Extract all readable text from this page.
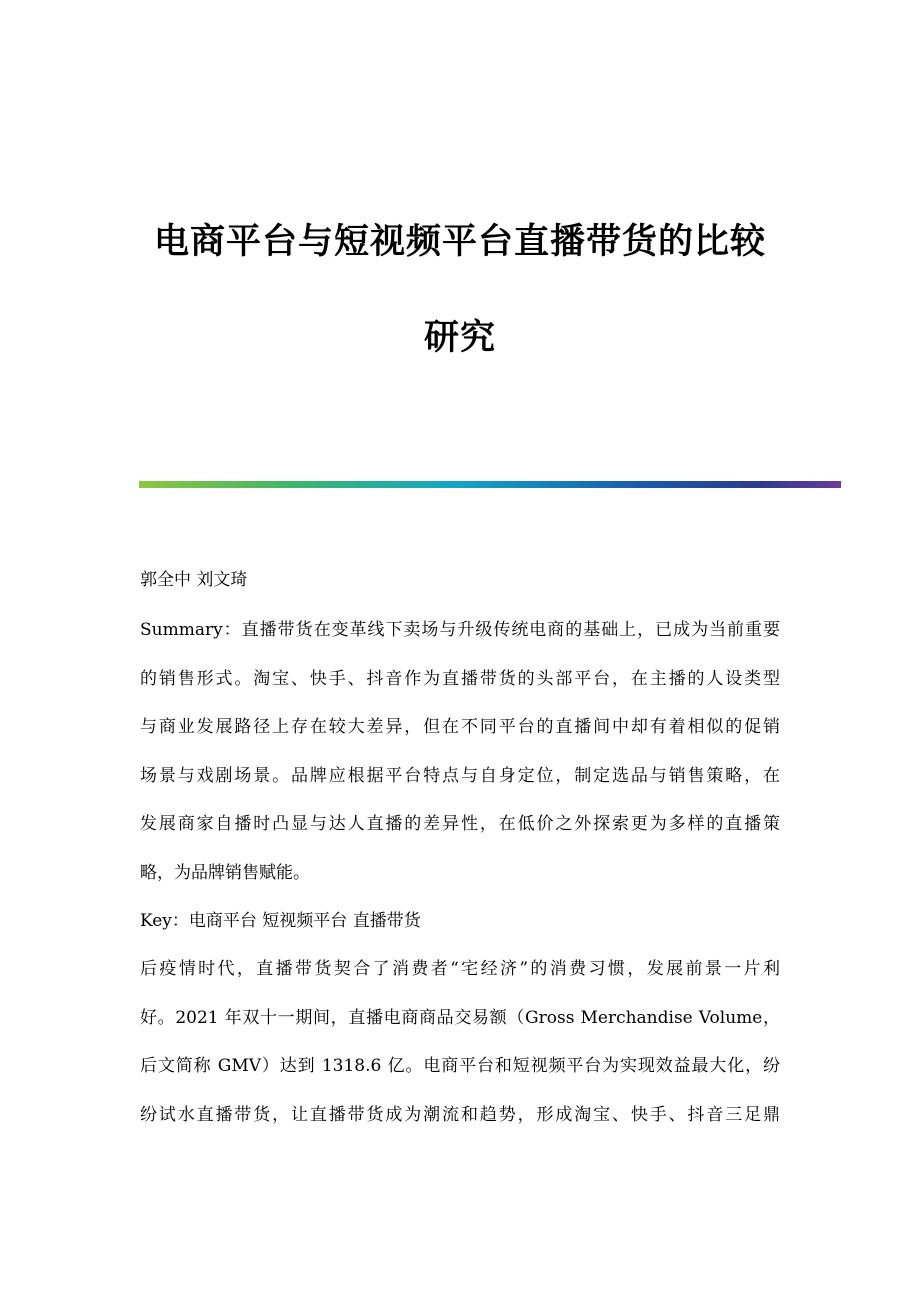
电商平台与短视频平台直播带货的比较
研究
郭全中 刘文琦
Summary：直播带货在变革线下卖场与升级传统电商的基础上，已成为当前重要
的销售形式。淘宝、快手、抖音作为直播带货的头部平台，在主播的人设类型
与商业发展路径上存在较大差异，但在不同平台的直播间中却有着相似的促销
场景与戏剧场景。品牌应根据平台特点与自身定位，制定选品与销售策略，在
发展商家自播时凸显与达人直播的差异性，在低价之外探索更为多样的直播策
略，为品牌销售赋能。
Key：电商平台 短视频平台 直播带货
后疫情时代，直播带货契合了消费者“宅经济”的消费习惯，发展前景一片利
好。2021 年双十一期间，直播电商商品交易额（Gross Merchandise Volume，
后文简称 GMV）达到 1318.6 亿。电商平台和短视频平台为实现效益最大化，纷
纷试水直播带货，让直播带货成为潮流和趋势，形成淘宝、快手、抖音三足鼎
